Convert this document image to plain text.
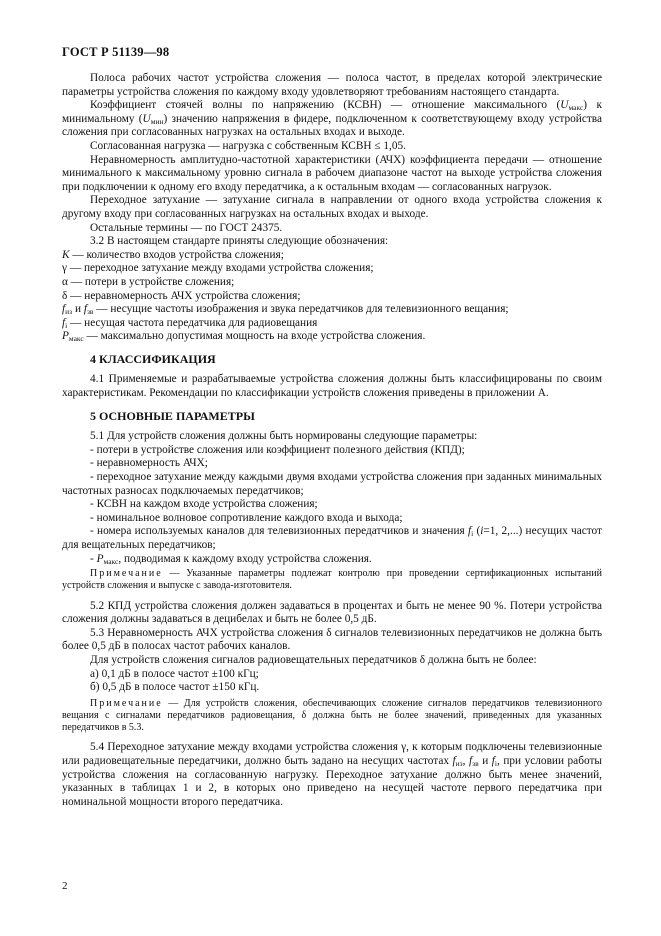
ГОСТ Р 51139—98

Полоса рабочих частот устройства сложения — полоса частот, в пределах которой электрические параметры устройства сложения по каждому входу удовлетворяют требованиям настоящего стандарта.

Коэффициент стоячей волны по напряжению (КСВН) — отношение максимального $(U_{макс})$ к минимальному $(U_{мин})$ значению напряжения в фидере, подключенном к соответствующему входу устройства сложения при согласованных нагрузках на остальных входах и выходе.

Согласованная нагрузка — нагрузка с собственным КСВН ≤ 1,05.

Неравномерность амплитудно-частотной характеристики (АЧХ) коэффициента передачи — отношение минимального к максимальному уровню сигнала в рабочем диапазоне частот на выходе устройства сложения при подключении к одному его входу передатчика, а к остальным входам — согласованных нагрузок.

Переходное затухание — затухание сигнала в направлении от одного входа устройства сложения к другому входу при согласованных нагрузках на остальных входах и выходе.

Остальные термины — по ГОСТ 24375.

3.2 В настоящем стандарте приняты следующие обозначения:

K — количество входов устройства сложения;

γ — переходное затухание между входами устройства сложения;

α — потери в устройстве сложения;

δ — неравномерность АЧХ устройства сложения;

$f_{из}$ и $f_{зв}$ — несущие частоты изображения и звука передатчиков для телевизионного вещания;

$f_i$ — несущая частота передатчика для радиовещания

$P_{макс}$ — максимально допустимая мощность на входе устройства сложения.

4 КЛАССИФИКАЦИЯ

4.1 Применяемые и разрабатываемые устройства сложения должны быть классифицированы по своим характеристикам. Рекомендации по классификации устройств сложения приведены в приложении А.

5 ОСНОВНЫЕ ПАРАМЕТРЫ

5.1 Для устройств сложения должны быть нормированы следующие параметры:

- потери в устройстве сложения или коэффициент полезного действия (КПД);

- неравномерность АЧХ;

- переходное затухание между каждыми двумя входами устройства сложения при заданных минимальных частотных разносах подключаемых передатчиков;

- КСВН на каждом входе устройства сложения;

- номинальное волновое сопротивление каждого входа и выхода;

- номера используемых каналов для телевизионных передатчиков и значения $f_i$ (i=1, 2,...) несущих частот для вещательных передатчиков;

- $P_{макс}$, подводимая к каждому входу устройства сложения.

Примечание — Указанные параметры подлежат контролю при проведении сертификационных испытаний устройств сложения и выпуске с завода-изготовителя.

5.2 КПД устройства сложения должен задаваться в процентах и быть не менее 90 %. Потери устройства сложения должны задаваться в децибелах и быть не более 0,5 дБ.

5.3 Неравномерность АЧХ устройства сложения δ сигналов телевизионных передатчиков не должна быть более 0,5 дБ в полосах частот рабочих каналов.

Для устройств сложения сигналов радиовещательных передатчиков δ должна быть не более:

а) 0,1 дБ в полосе частот ±100 кГц;

б) 0,5 дБ в полосе частот ±150 кГц.

Примечание — Для устройств сложения, обеспечивающих сложение сигналов передатчиков телевизионного вещания с сигналами передатчиков радиовещания, δ должна быть не более значений, приведенных для указанных передатчиков в 5.3.

5.4 Переходное затухание между входами устройства сложения γ, к которым подключены телевизионные или радиовещательные передатчики, должно быть задано на несущих частотах $f_{из}$, $f_{зв}$ и $f_i$, при условии работы устройства сложения на согласованную нагрузку. Переходное затухание должно быть менее значений, указанных в таблицах 1 и 2, в которых оно приведено на несущей частоте первого передатчика при номинальной мощности второго передатчика.

2
